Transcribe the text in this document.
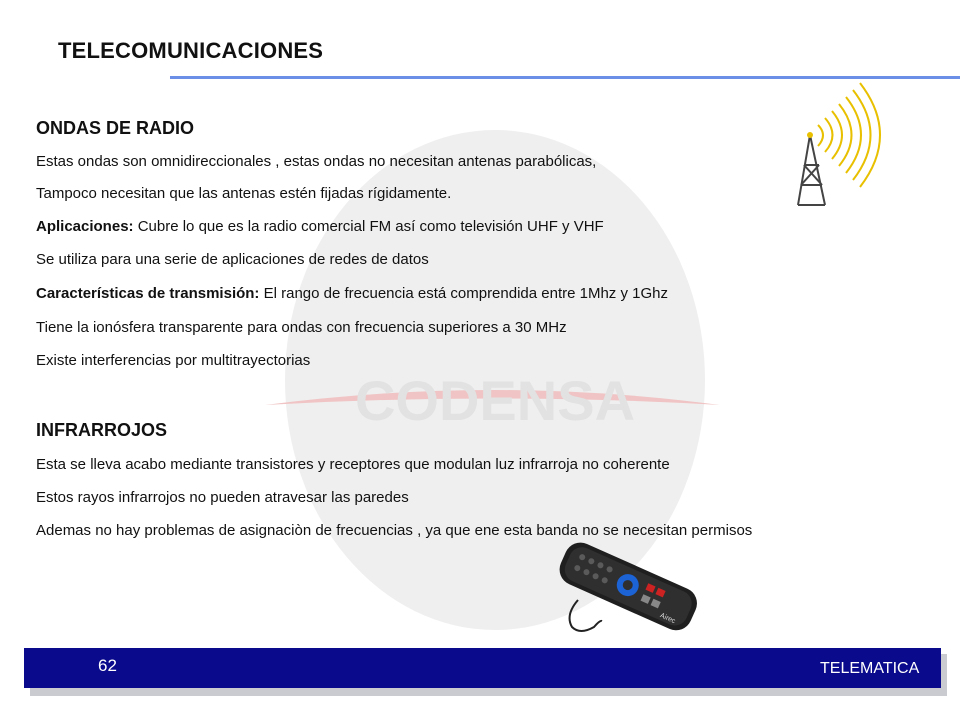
CODENSA
TELECOMUNICACIONES
ONDAS DE RADIO
Estas ondas son omnidireccionales , estas ondas no necesitan antenas parabólicas,
Tampoco necesitan que las antenas estén fijadas rígidamente.
Aplicaciones: Cubre lo que es la radio comercial FM así como televisión UHF y VHF
Se utiliza para una serie de aplicaciones de redes de datos
Características de transmisión: El rango de frecuencia está comprendida entre 1Mhz y 1Ghz
Tiene la ionósfera transparente para ondas con frecuencia superiores a 30 MHz
Existe interferencias por multitrayectorias
INFRARROJOS
Esta se lleva acabo mediante transistores y receptores que modulan luz infrarroja no coherente
Estos rayos infrarrojos no pueden atravesar las paredes
Ademas no hay problemas de asignaciòn de frecuencias , ya que ene esta banda no se necesitan permisos
Airec
62	TELEMATICA
